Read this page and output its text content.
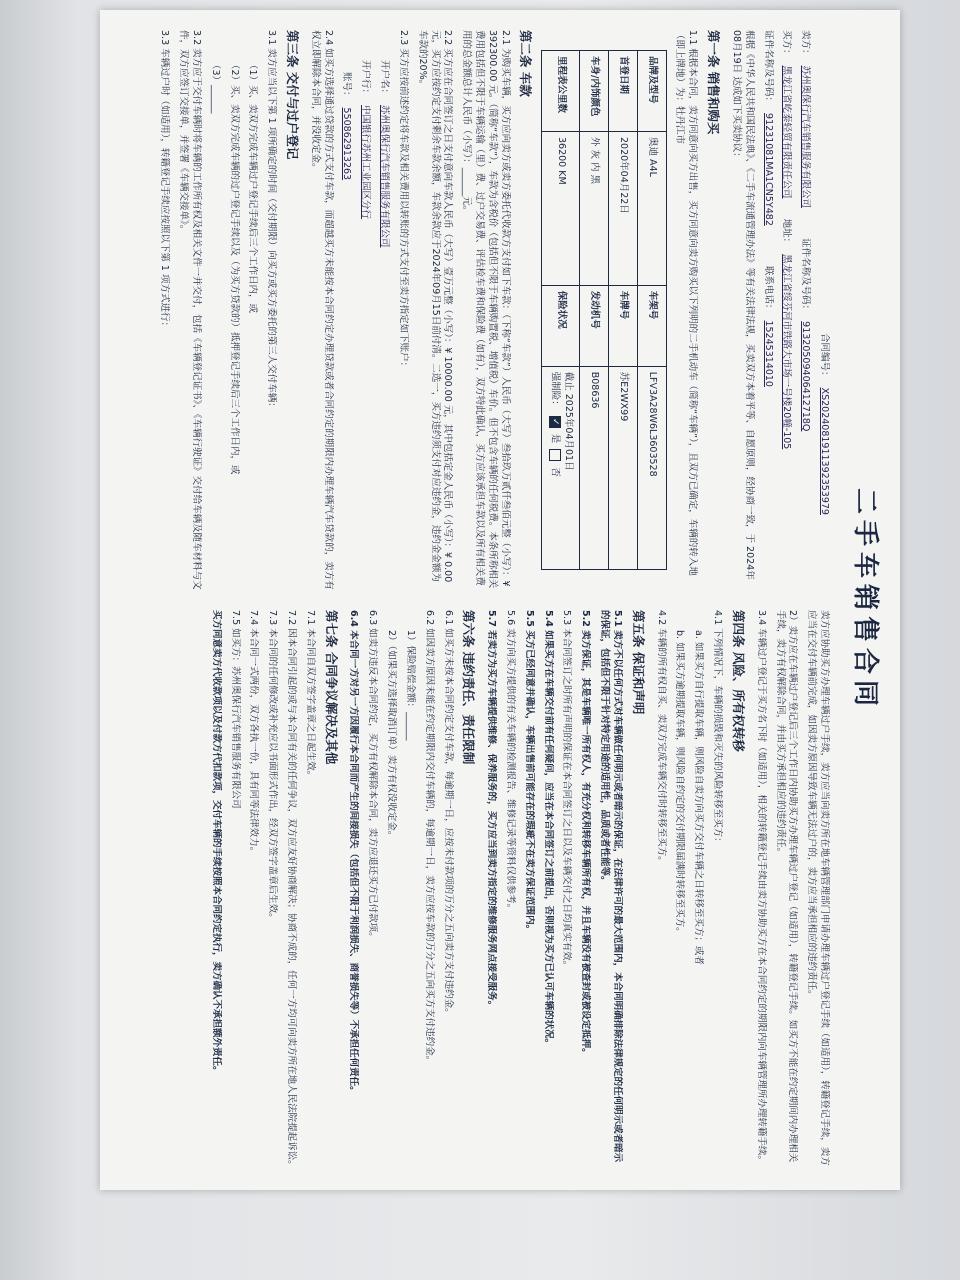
二手车销售合同
合同编号： XS2024081911392353979
卖方： 苏州奥保行汽车销售服务有限公司  证件名称及号码： 91320509406412718Q
买方： 黑龙江省屹泰轻贸有限责任公司  地址： 黑龙江省绥芬河市铁路大市场一号楼20幢-105
证件名称及号码： 91231081MA1CN5Y482  联系电话： 15245314010
根据《中华人民共和国民法典》、《二手车流通管理办法》等有关法律法规，买卖双方本着平等、自愿原则，经协商一致，于 2024年08月19日 达成如下买卖协议：
第一条 销售和购买
1.1 根据本合同，卖方同意向买方出售，买方同意向卖方购买以下列明的二手机动车（简称“车辆”），且双方已确定，车辆的转入地（即上牌地）为：牡丹江市
品牌及型号	奥迪 A4L	车架号	LFV3A28W6L3603528
首登日期	2020年04月22日	车牌号	苏E2WX99
车身/内饰颜色	外 灰 内 黑	发动机号	B08636
里程表公里数	36200 KM	保险状况	截止 2025年04月01日
强制险： ✓ 是  否
第二条 车款
2.1 为购买车辆，买方应向卖方或卖方委托代收款方支付如下车款：（下称“车款”）人民币（大写）叁拾玖万贰仟叁佰元整（小写）：¥ 392300.00 元。（简称“车款”），车款为含税价（包括但不限于车辆购置税、增值税）车价。但不包含车辆的任何税费。本条所称相关费用包括但不限于车辆运输（里）费、过户交易费、评估检车费和保险费（如有），双方特此确认，买方应该承担车款以及所有相关费用的总金额总计人民币（小写）：______元。
2.2 买方应在合同签订之日支付意向车款人民币（大写）壹万元整（小写）：¥ 10000.00 元，其中包括定金人民币（小写）：¥ 0.00 元，买方应按约定支付剩余车款余额，车款余款应于2024年09月15日前付清。二选一，买方违约须支付对应违约金，违约金金额为车款的20%。
2.3 买方应按前述约定将车款及相关费用以转账的方式支付至卖方指定如下账户：
开户名： 苏州奥保行汽车销售服务有限公司
开户行： 中国银行苏州工业园区分行
账号： 550862913263
2.4 如买方选择通过贷款的方式支付车款，而超越买方未能按本合同约定办理贷款或者合同约定的期限内办理车辆汽车贷款的，卖方有权立即解除本合同，并没收定金。
第三条 交付与过户登记
3.1 卖方应当以下第 1 项所确定的时间（交付期限）向买方或买方委托的第三人交付车辆：
（1）买、卖双方完成车辆过户登记手续后三个工作日内，或
（2）买、卖双方完成车辆的过户登记手续以及（为买方贷款的）抵押登记手续后三个工作日内，或
（3）______
3.2 卖方应于交付车辆时将车辆的工作所有权及相关文件一并交付，包括《车辆登记证书》、《车辆行驶证》交付给车辆及随车材料与文件，双方应签订交接单，并签署《车辆交接单》。
3.3 车辆过户时（如适用），转籍登记手续应按照以下第 1 项方式进行：
卖方应协助买方办理车辆过户手续，卖方应当向卖方所在地车辆管理部门申请办理车辆过户登记手续（如适用），转籍登记手续，卖方应当在交付车辆前完成，如因卖方原因导致车辆无法过户的，卖方应当承担相应的违约责任。
2）卖方应在车辆过户登记后三个工作日内协助买方办理车辆过户登记（如适用），转籍登记手续。如买方不能在约定期间内办理相关手续，卖方有权解除合同，并由买方承担相应的违约责任。
3.4 车辆过户登记于买方名下时（如适用），相关的转籍登记手续由卖方协助买方在本合同约定的期限内向车辆管理所办理转籍手续。
第四条 风险、所有权转移
4.1 下列情况下，车辆的损毁和灭失的风险转移至买方：
a. 如果买方自行提取车辆，则风险自卖方向买方交付车辆之日转移至买方；或者
b. 如果买方逾期提取车辆，则风险自约定的交付期限届满时转移至买方。
4.2 车辆的所有权自买、卖双方完成车辆交付时转移至买方。
第五条 保证和声明
5.1 卖方不以任何方式对车辆做任何明示或者暗示的保证，在法律许可的最大范围内，本合同明确排除法律规定的任何明示或者暗示的保证，包括但不限于针对特定用途的适用性，品质或者性能等。
5.2 卖方保证，其是车辆唯一所有权人，有充分权利转移车辆所有权，并且车辆没有被查封或被设定抵押。
5.3 本合同签订之时所有声明的保证在本合同签订之日以及车辆交付之日均真实有效。
5.4 如果买方在车辆交付前有任何疑问，应当在本合同签订之前提出，否则视为买方已认可车辆的状况。
5.5 买方已经同意并确认，车辆出售前可能存在的瑕疵不在卖方保证范围内。
5.6 卖方向买方提供的有关车辆的检测报告、维修记录等资料仅供参考。
5.7 若卖方为买方车辆提供维修、保养服务的，买方应当到卖方指定的维修服务网点接受服务。
第六条 违约责任、责任限制
6.1 如买方未按本合同约定支付车款，每逾期一日，应按未付款项的万分之五向卖方支付违约金。
6.2 如因卖方原因未能在约定期限内交付车辆的，每逾期一日，卖方应按车款的万分之五向买方支付违约金。
1）保险赔偿金额：______
2）（如果买方选择取消订单）卖方有权没收定金。
6.3 如卖方违反本合同约定，买方有权解除本合同，卖方应退还买方已付款项。
6.4 本合同一方对另一方因履行本合同而产生的间接损失（包括但不限于利润损失、商誉损失等）不承担任何责任。
第七条 合同争议解决及其他
7.1 本合同自双方签字盖章之日起生效。
7.2 因本合同引起的或与本合同有关的任何争议，双方应友好协商解决；协商不成的，任何一方均可向卖方所在地人民法院提起诉讼。
7.3 本合同的任何修改或补充应以书面形式作出，经双方签字盖章后生效。
7.4 本合同一式两份，双方各执一份，具有同等法律效力。
7.5 如买方：苏州奥保行汽车销售服务有限公司
买方同意卖方代收款项以及付款方代扣款项，交付车辆的手续按照本合同约定执行，卖方确认不承担额外责任。
